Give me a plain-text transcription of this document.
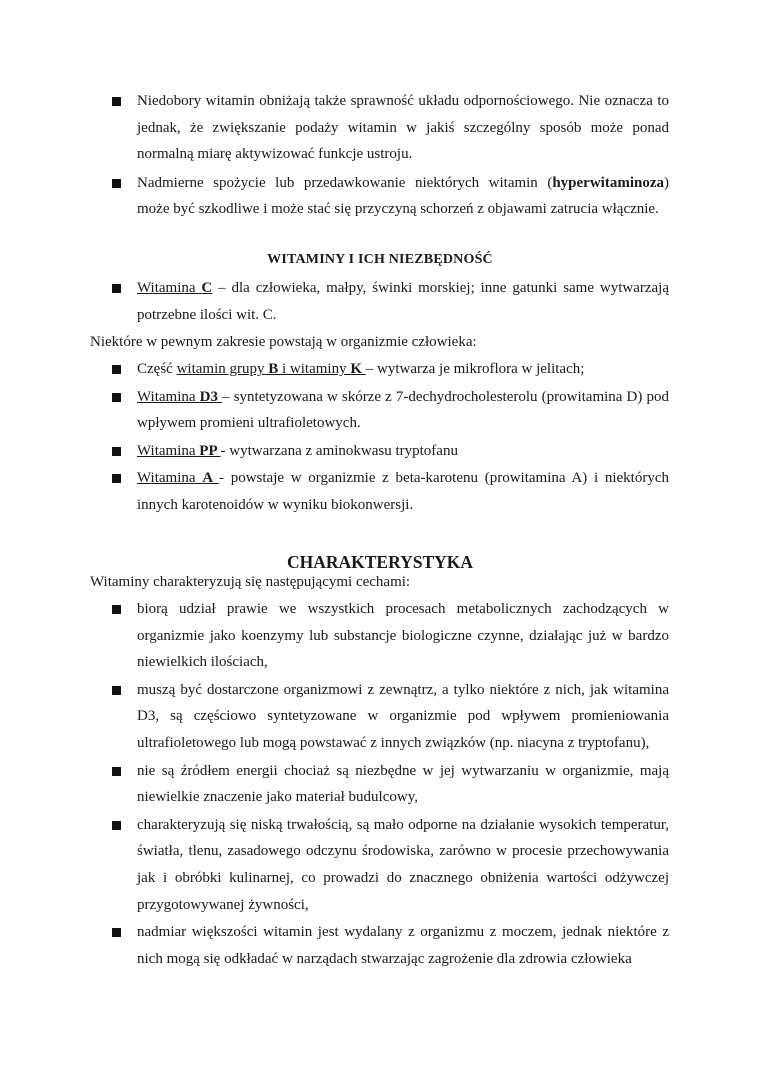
Niedobory witamin obniżają także sprawność układu odpornościowego. Nie oznacza to jednak, że zwiększanie podaży witamin w jakiś szczególny sposób może ponad normalną miarę aktywizować funkcje ustroju.
Nadmierne spożycie lub przedawkowanie niektórych witamin (hyperwitaminoza) może być szkodliwe i może stać się przyczyną schorzeń z objawami zatrucia włącznie.
WITAMINY I ICH NIEZBĘDNOŚĆ
Witamina C – dla człowieka, małpy, świnki morskiej; inne gatunki same wytwarzają potrzebne ilości wit. C.
Niektóre w pewnym zakresie powstają w organizmie człowieka:
Część witamin grupy B i witaminy K – wytwarza je mikroflora w jelitach;
Witamina D3 – syntetyzowana w skórze z 7-dechydrocholesterolu (prowitamina D) pod wpływem promieni ultrafioletowych.
Witamina PP - wytwarzana z aminokwasu tryptofanu
Witamina A - powstaje w organizmie z beta-karotenu (prowitamina A) i niektórych innych karotenoidów w wyniku biokonwersji.
CHARAKTERYSTYKA
Witaminy charakteryzują się następującymi cechami:
biorą udział prawie we wszystkich procesach metabolicznych zachodzących w organizmie jako koenzymy lub substancje biologiczne czynne, działając już w bardzo niewielkich ilościach,
muszą być dostarczone organizmowi z zewnątrz, a tylko niektóre z nich, jak witamina D3, są częściowo syntetyzowane w organizmie pod wpływem promieniowania ultrafioletowego lub mogą powstawać z innych związków (np. niacyna z tryptofanu),
nie są źródłem energii chociaż są niezbędne w jej wytwarzaniu w organizmie, mają niewielkie znaczenie jako materiał budulcowy,
charakteryzują się niską trwałością, są mało odporne na działanie wysokich temperatur, światła, tlenu, zasadowego odczynu środowiska, zarówno w procesie przechowywania jak i obróbki kulinarnej, co prowadzi do znacznego obniżenia wartości odżywczej przygotowywanej żywności,
nadmiar większości witamin jest wydalany z organizmu z moczem, jednak niektóre z nich mogą się odkładać w narządach stwarzając zagrożenie dla zdrowia człowieka
